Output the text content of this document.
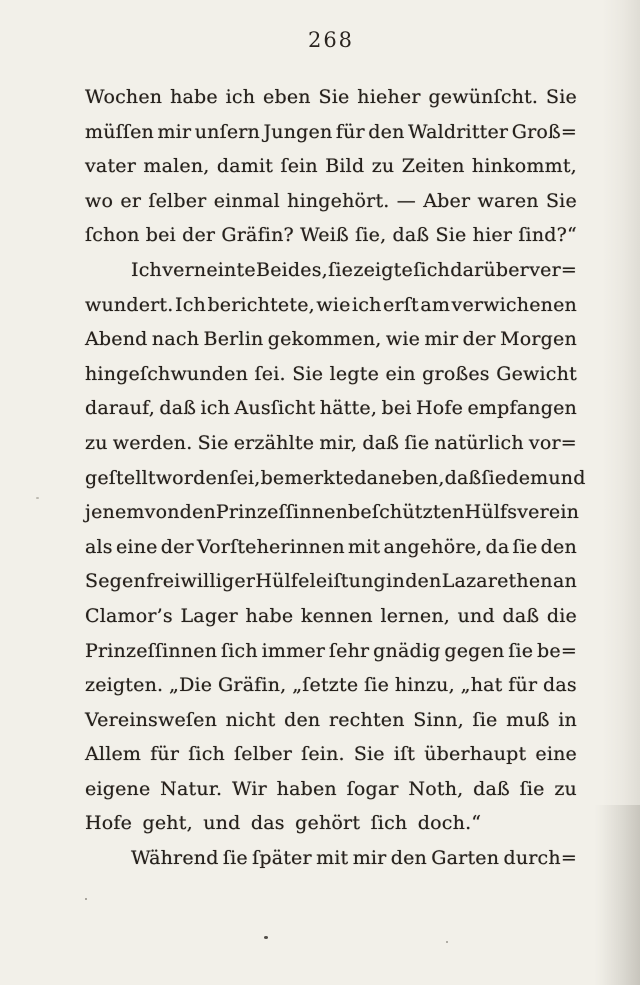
268
Wochen habe ich eben Sie hieher gewünſcht. Sie
müſſen mir unſern Jungen für den Waldritter Groß=
vater malen, damit ſein Bild zu Zeiten hinkommt,
wo er ſelber einmal hingehört. — Aber waren Sie
ſchon bei der Gräfin? Weiß ſie, daß Sie hier ſind?“
Ich verneinte Beides, ſie zeigte ſich darüber ver=
wundert. Ich berichtete, wie ich erſt am verwichenen
Abend nach Berlin gekommen, wie mir der Morgen
hingeſchwunden ſei. Sie legte ein großes Gewicht
darauf, daß ich Ausſicht hätte, bei Hofe empfangen
zu werden. Sie erzählte mir, daß ſie natürlich vor=
geſtellt worden ſei, bemerkte daneben, daß ſie dem und
jenem von den Prinzeſſinnen beſchützten Hülfsverein
als eine der Vorſteherinnen mit angehöre, da ſie den
Segen freiwilliger Hülfeleiſtung in den Lazarethen an
Clamor’s Lager habe kennen lernen, und daß die
Prinzeſſinnen ſich immer ſehr gnädig gegen ſie be=
zeigten. „Die Gräfin, „ſetzte ſie hinzu, „hat für das
Vereinsweſen nicht den rechten Sinn, ſie muß in
Allem für ſich ſelber ſein. Sie iſt überhaupt eine
eigene Natur. Wir haben ſogar Noth, daß ſie zu
Hofe geht, und das gehört ſich doch.“
Während ſie ſpäter mit mir den Garten durch=
